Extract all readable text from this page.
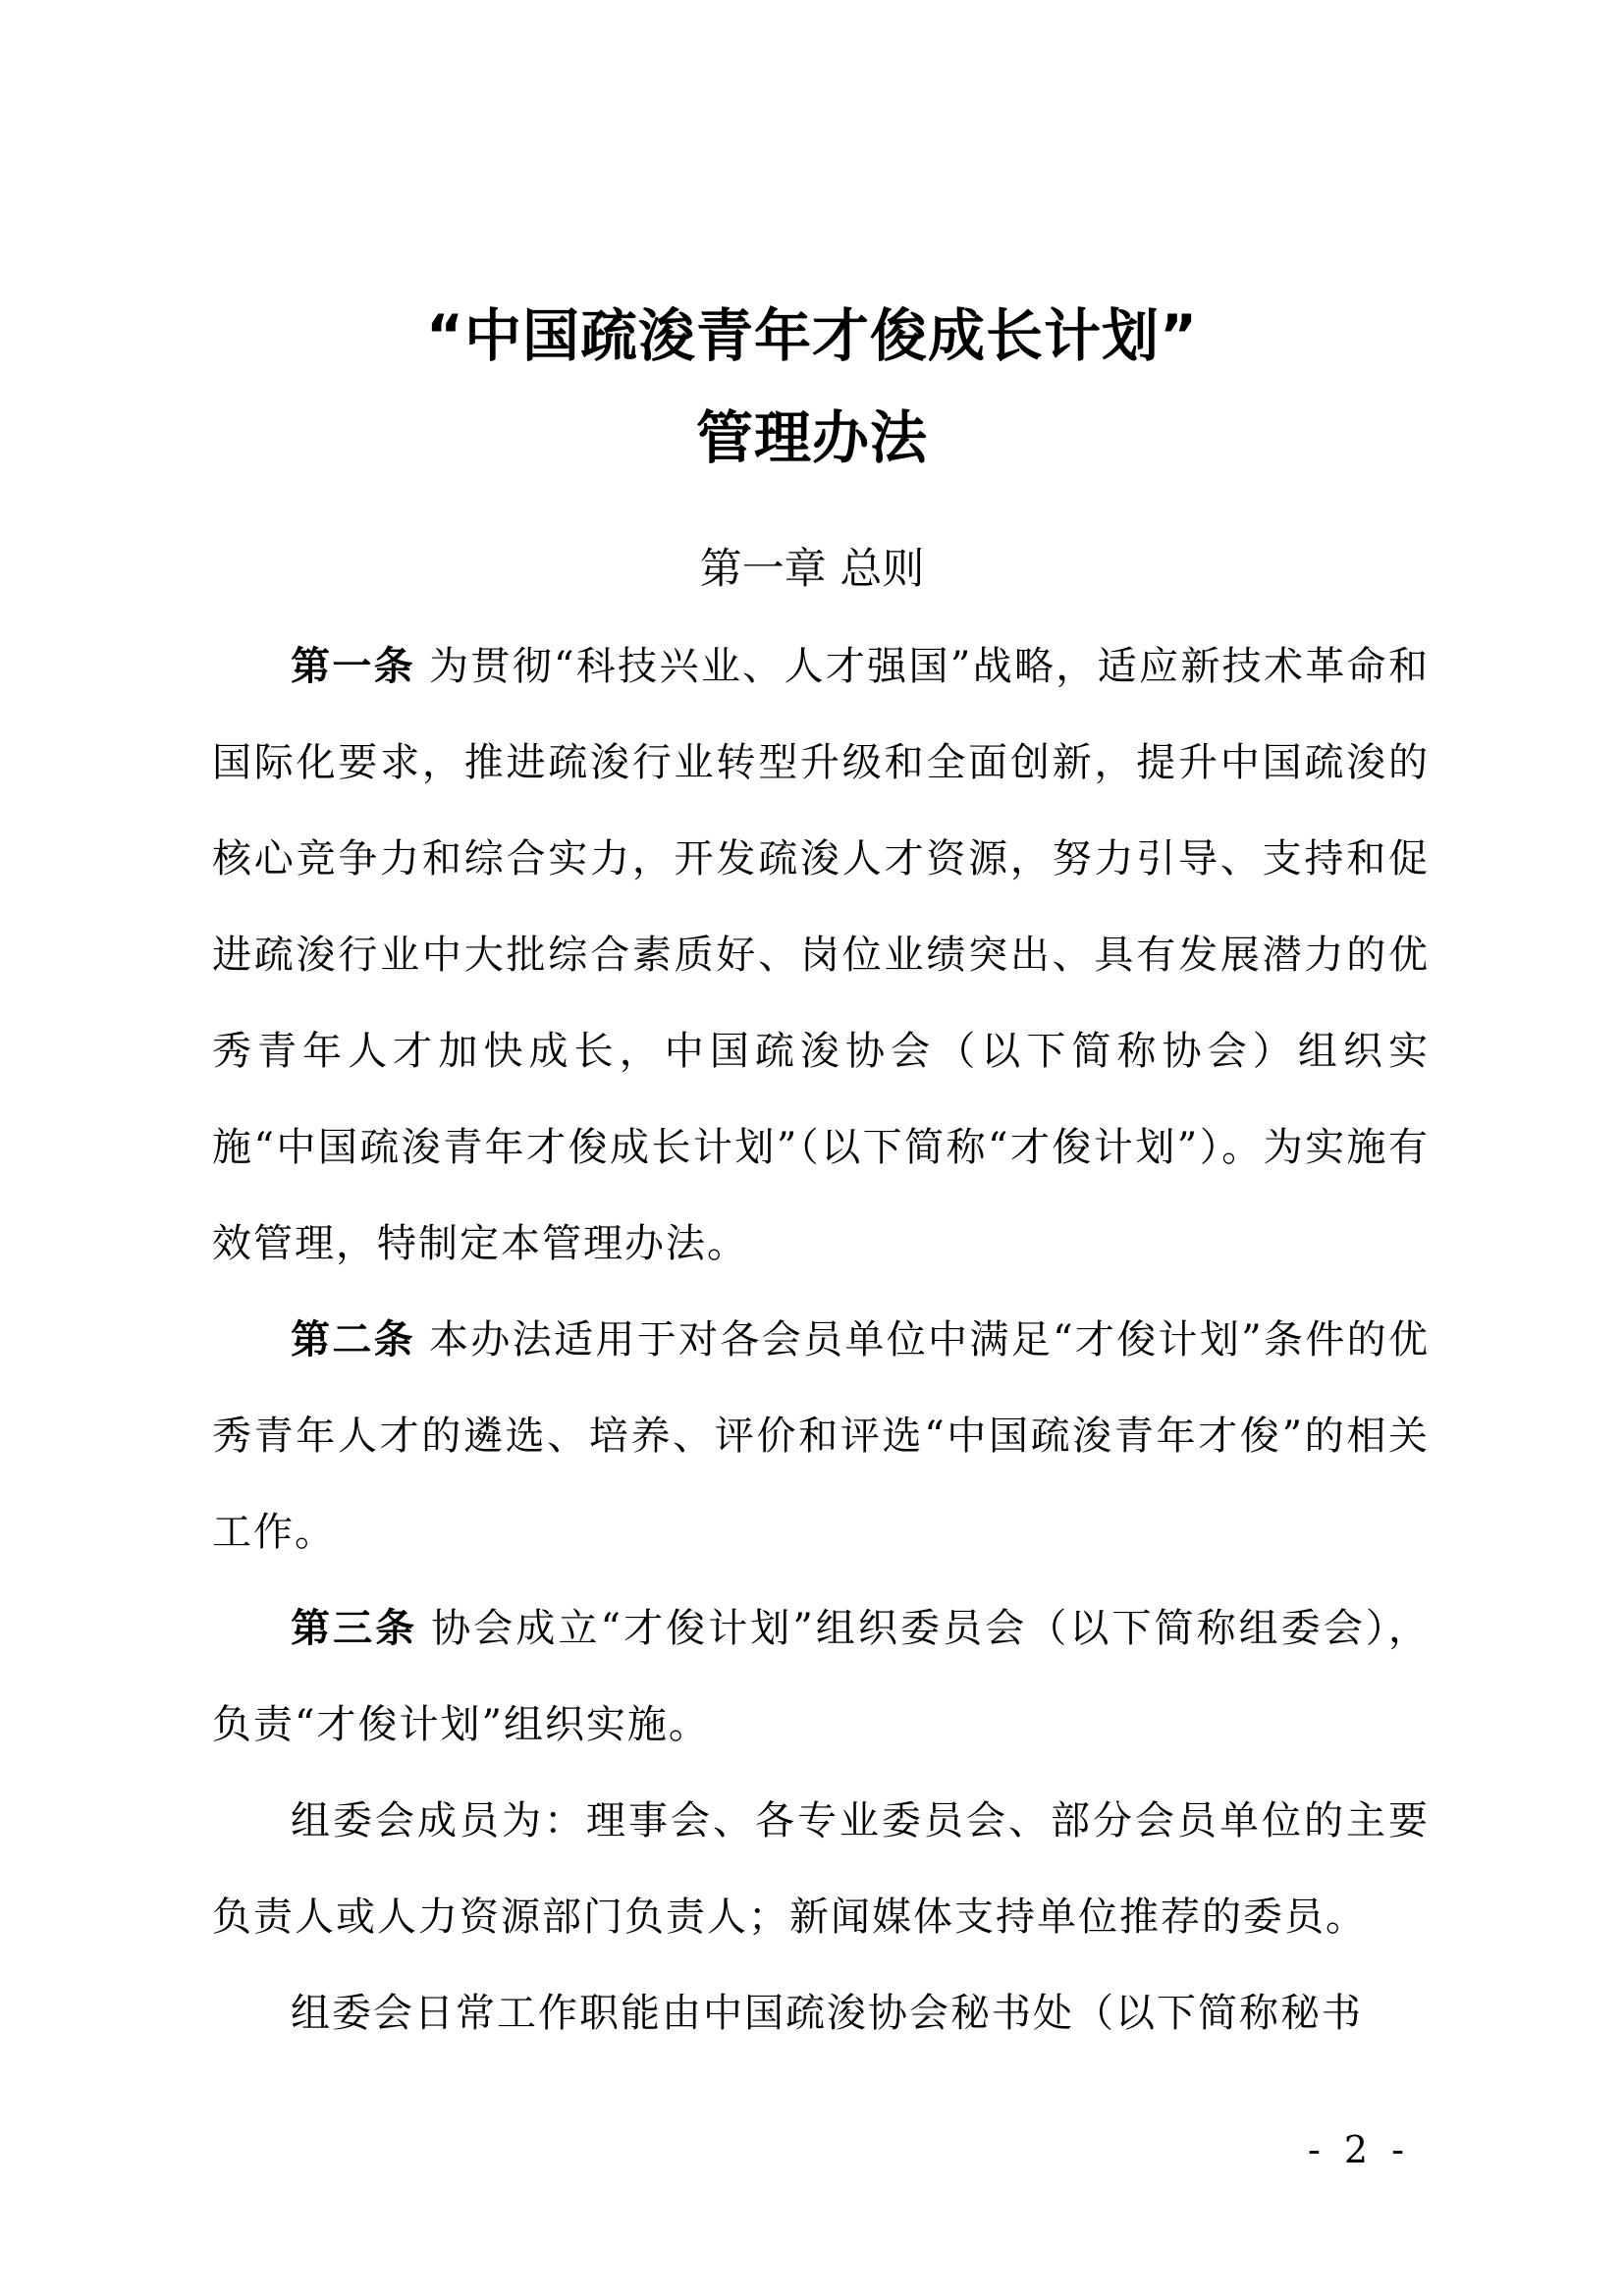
“中国疏浚青年才俊成长计划”
管理办法
第一章 总则

第一条 为贯彻“科技兴业、人才强国”战略，适应新技术革命和国际化要求，推进疏浚行业转型升级和全面创新，提升中国疏浚的核心竞争力和综合实力，开发疏浚人才资源，努力引导、支持和促进疏浚行业中大批综合素质好、岗位业绩突出、具有发展潜力的优秀青年人才加快成长，中国疏浚协会（以下简称协会）组织实施“中国疏浚青年才俊成长计划”（以下简称“才俊计划”）。为实施有效管理，特制定本管理办法。

第二条 本办法适用于对各会员单位中满足“才俊计划”条件的优秀青年人才的遴选、培养、评价和评选“中国疏浚青年才俊”的相关工作。

第三条 协会成立“才俊计划”组织委员会（以下简称组委会），负责“才俊计划”组织实施。

组委会成员为：理事会、各专业委员会、部分会员单位的主要负责人或人力资源部门负责人；新闻媒体支持单位推荐的委员。

组委会日常工作职能由中国疏浚协会秘书处（以下简称秘书

- 2 -
